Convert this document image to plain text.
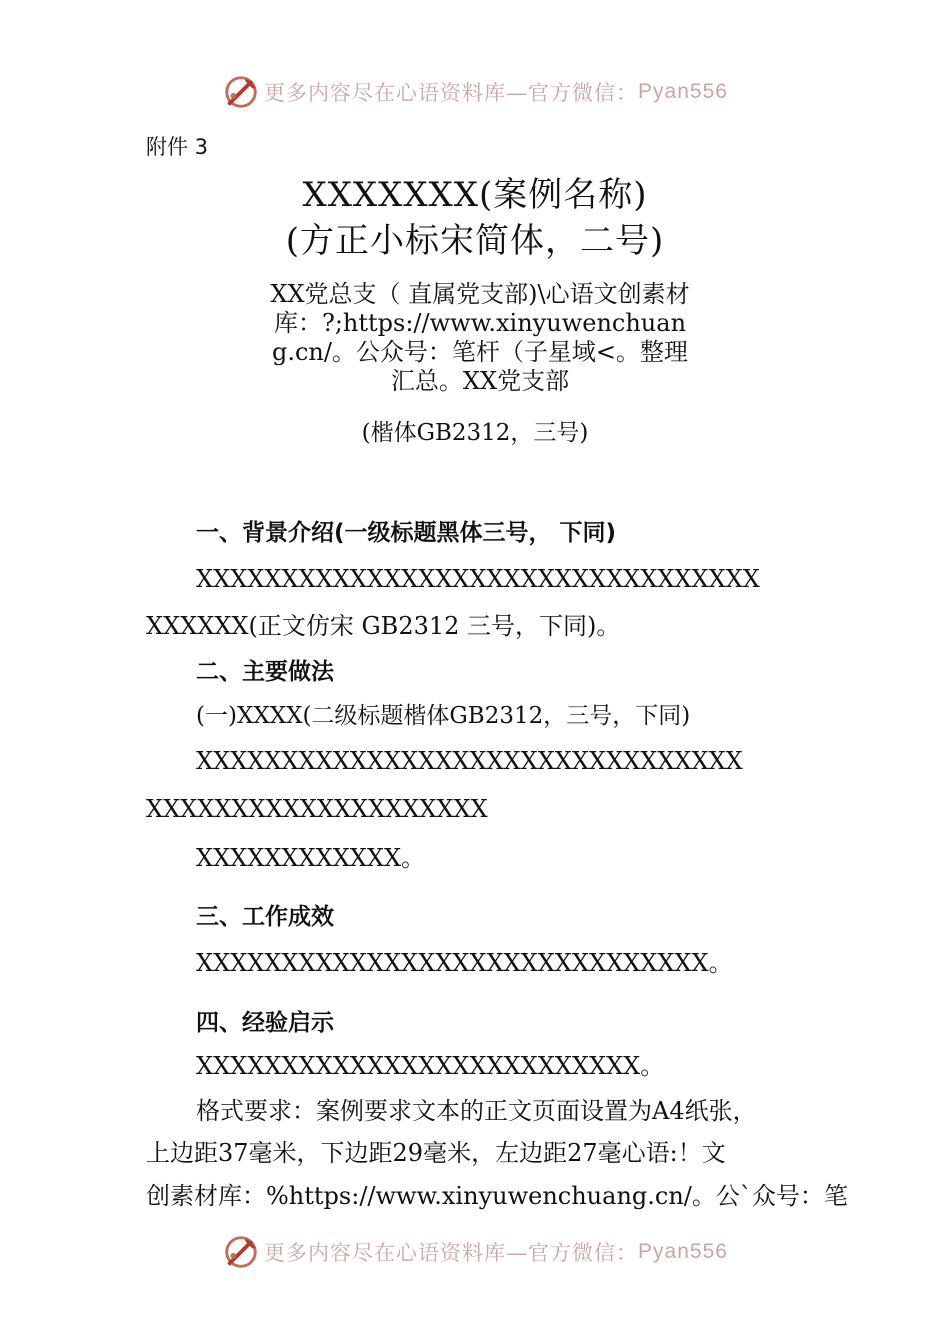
更多内容尽在心语资料库—官方微信： Pyan556
附件 3
XXXXXXX(案例名称)
(方正小标宋简体，二号)
XX党总支（ 直属党支部)\心语文创素材库：?;https://www.xinyuwenchuang.cn/。公众号：笔杆（子星域<。整理汇总。XX党支部
(楷体GB2312，三号)
一、背景介绍(一级标题黑体三号， 下同)
XXXXXXXXXXXXXXXXXXXXXXXXXXXXXXXXX
XXXXXX(正文仿宋 GB2312 三号，下同)。
二、主要做法
(一)XXXX(二级标题楷体GB2312，三号，下同)
XXXXXXXXXXXXXXXXXXXXXXXXXXXXXXXX
XXXXXXXXXXXXXXXXXXXX
XXXXXXXXXXXX。
三、工作成效
XXXXXXXXXXXXXXXXXXXXXXXXXXXXXX。
四、经验启示
XXXXXXXXXXXXXXXXXXXXXXXXXX。
格式要求：案例要求文本的正文页面设置为A4纸张，
上边距37毫米，下边距29毫米，左边距27毫心语:！文
创素材库：%https://www.xinyuwenchuang.cn/。公`众号：笔
更多内容尽在心语资料库—官方微信： Pyan556
